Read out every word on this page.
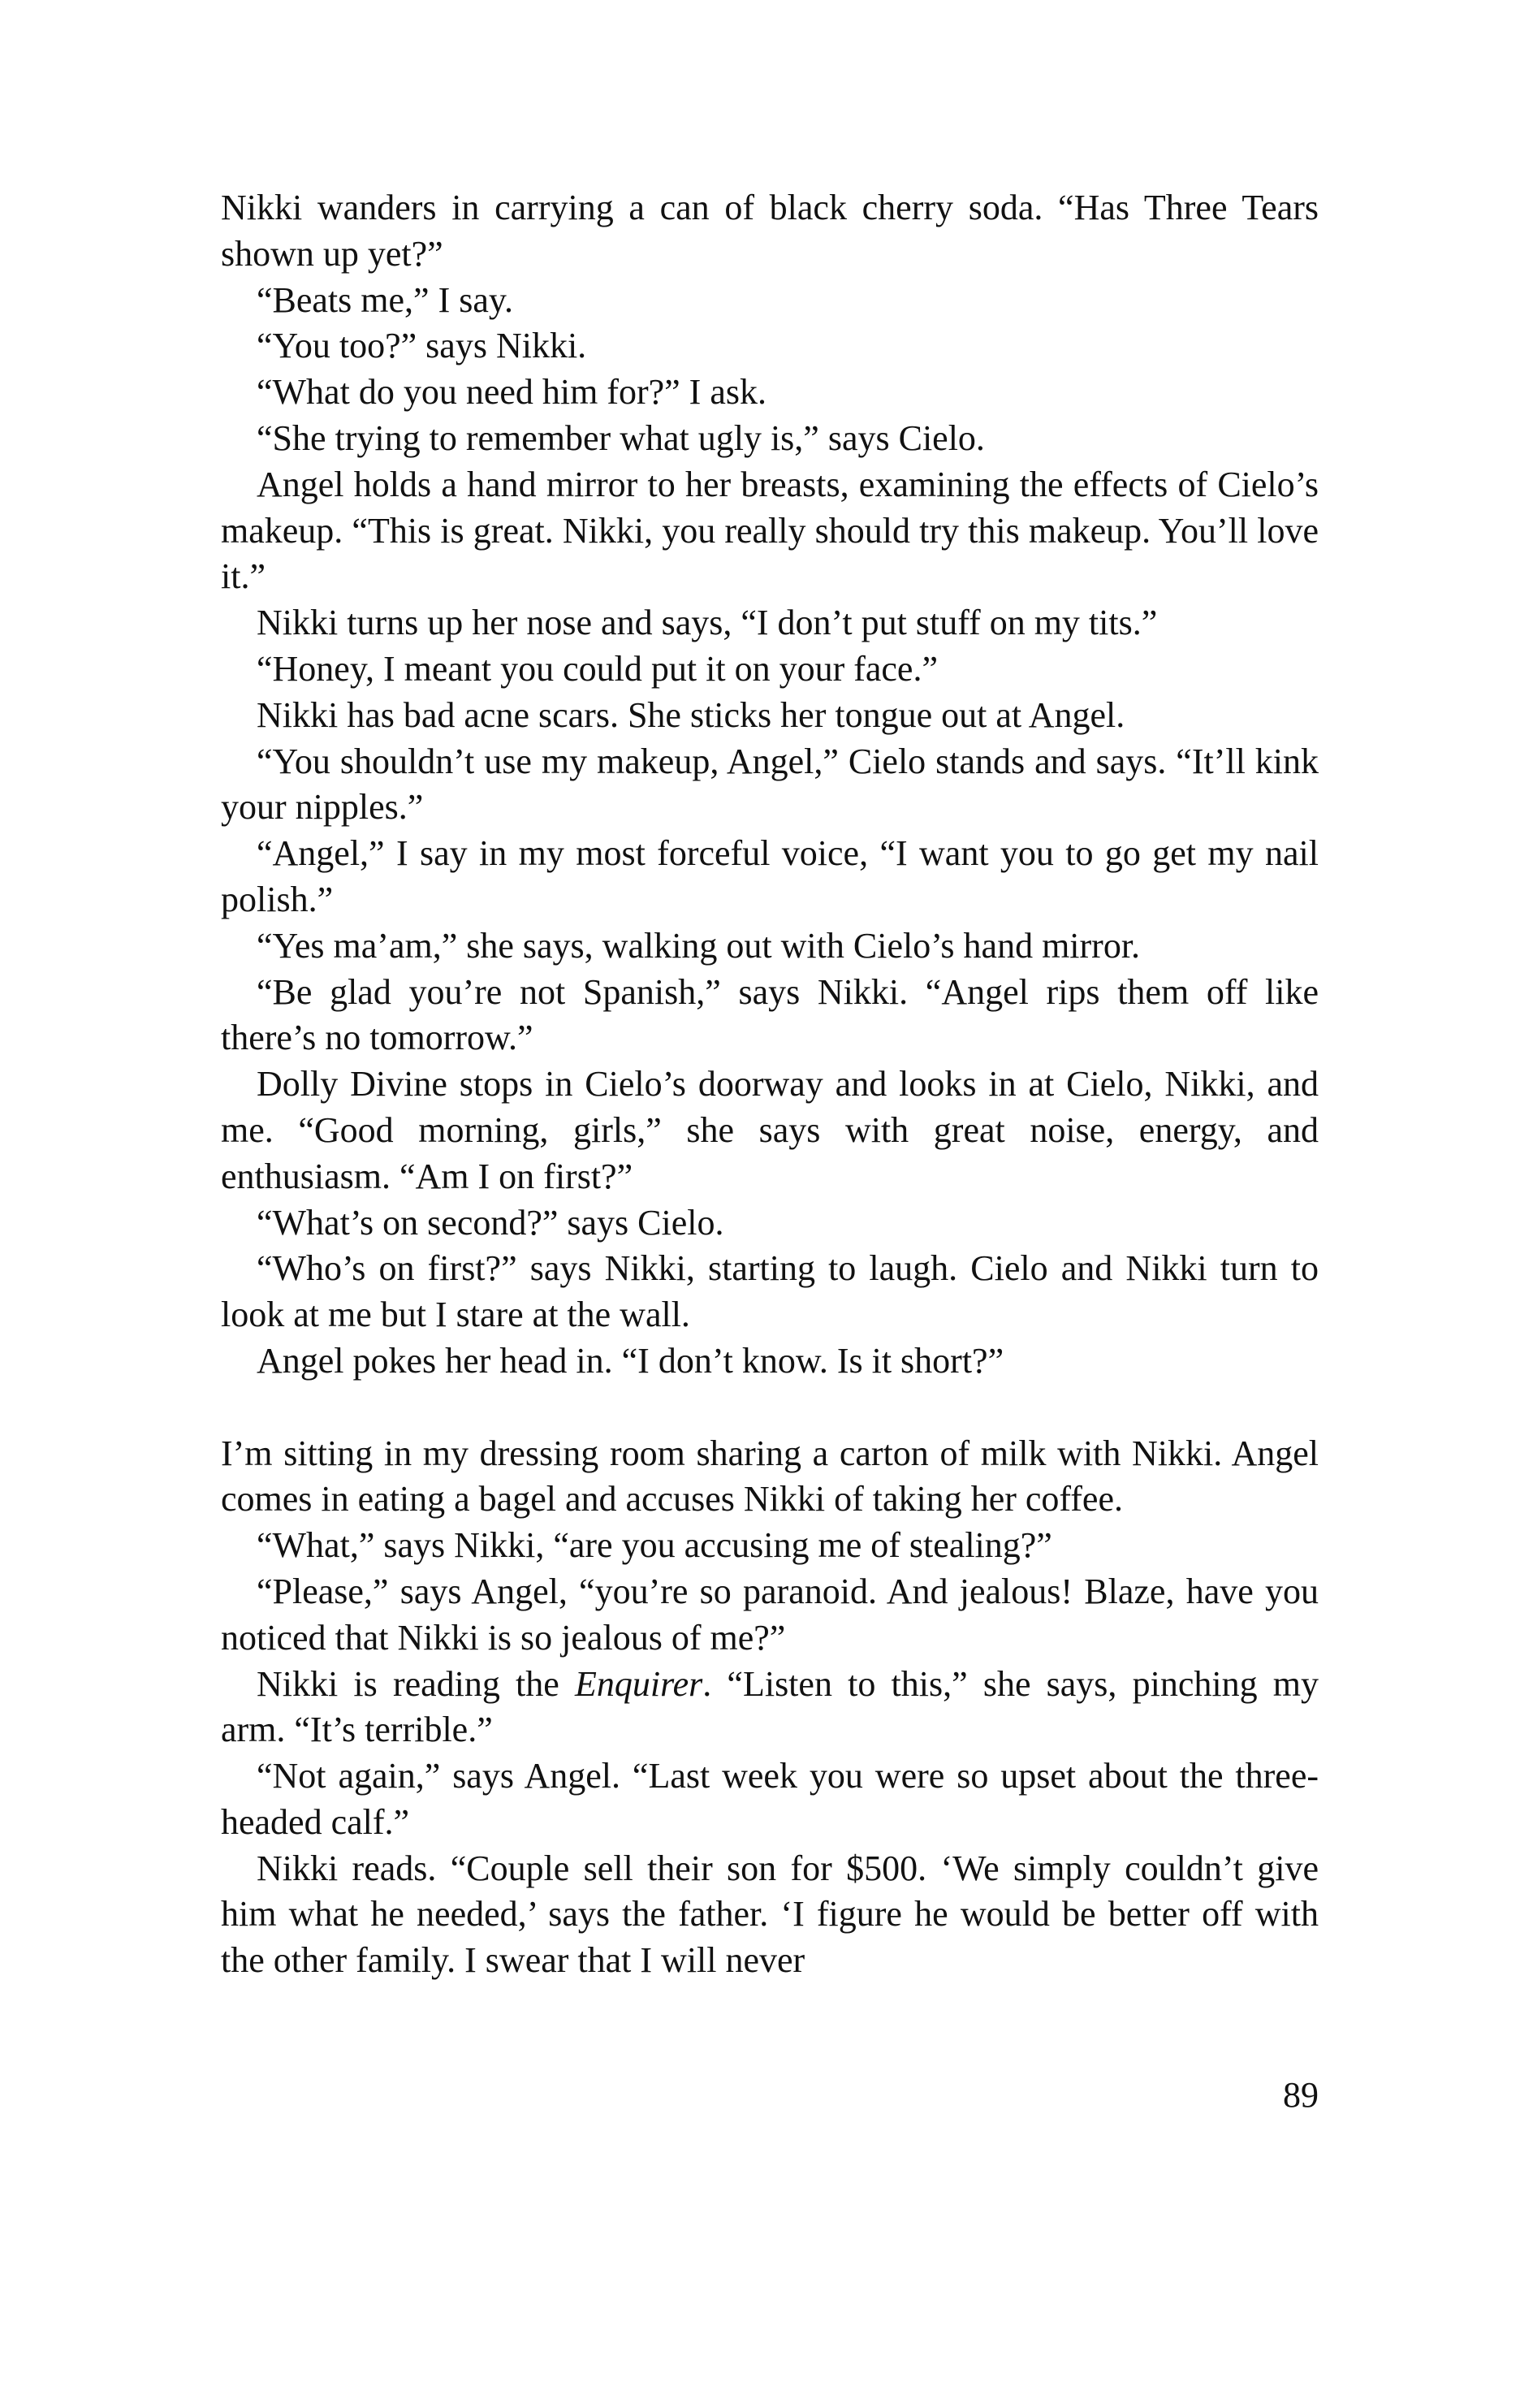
Nikki wanders in carrying a can of black cherry soda. “Has Three Tears shown up yet?”

“Beats me,” I say.

“You too?” says Nikki.

“What do you need him for?” I ask.

“She trying to remember what ugly is,” says Cielo.

Angel holds a hand mirror to her breasts, examining the effects of Cielo’s makeup. “This is great. Nikki, you really should try this makeup. You’ll love it.”

Nikki turns up her nose and says, “I don’t put stuff on my tits.”

“Honey, I meant you could put it on your face.”

Nikki has bad acne scars. She sticks her tongue out at Angel.

“You shouldn’t use my makeup, Angel,” Cielo stands and says. “It’ll kink your nipples.”

“Angel,” I say in my most forceful voice, “I want you to go get my nail polish.”

“Yes ma’am,” she says, walking out with Cielo’s hand mirror.

“Be glad you’re not Spanish,” says Nikki. “Angel rips them off like there’s no tomorrow.”

Dolly Divine stops in Cielo’s doorway and looks in at Cielo, Nikki, and me. “Good morning, girls,” she says with great noise, energy, and enthusiasm. “Am I on first?”

“What’s on second?” says Cielo.

“Who’s on first?” says Nikki, starting to laugh. Cielo and Nikki turn to look at me but I stare at the wall.

Angel pokes her head in. “I don’t know. Is it short?”

I’m sitting in my dressing room sharing a carton of milk with Nikki. Angel comes in eating a bagel and accuses Nikki of taking her coffee.

“What,” says Nikki, “are you accusing me of stealing?”

“Please,” says Angel, “you’re so paranoid. And jealous! Blaze, have you noticed that Nikki is so jealous of me?”

Nikki is reading the Enquirer. “Listen to this,” she says, pinching my arm. “It’s terrible.”

“Not again,” says Angel. “Last week you were so upset about the three-headed calf.”

Nikki reads. “Couple sell their son for $500. ‘We simply couldn’t give him what he needed,’ says the father. ‘I figure he would be better off with the other family. I swear that I will never

89
